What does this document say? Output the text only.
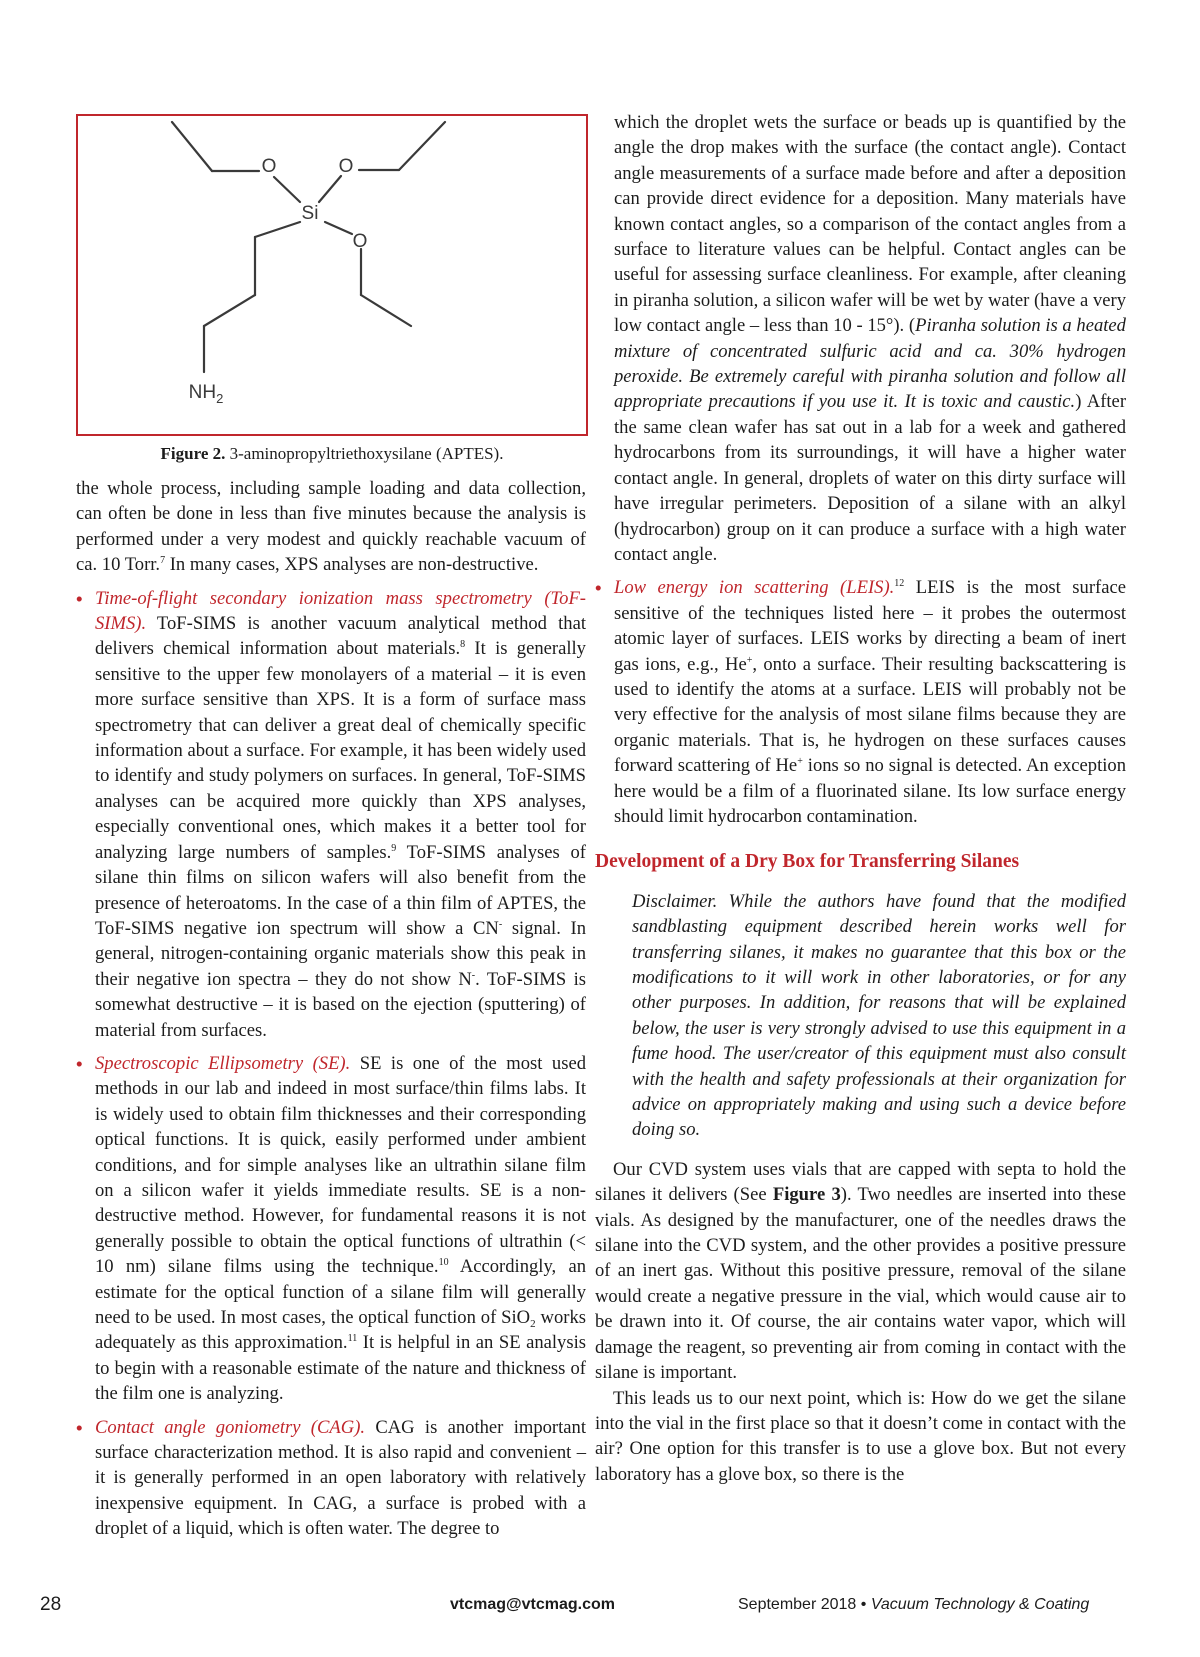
O	O
Si
O
$NH_2$
Figure 2. 3-aminopropyltriethoxysilane (APTES).

the whole process, including sample loading and data collection, can often be done in less than five minutes because the analysis is performed under a very modest and quickly reachable vacuum of ca. 10 Torr.$^7$ In many cases, XPS analyses are non-destructive.

• Time-of-flight secondary ionization mass spectrometry (ToF-SIMS). ToF-SIMS is another vacuum analytical method that delivers chemical information about materials.$^8$ It is generally sensitive to the upper few monolayers of a material – it is even more surface sensitive than XPS. It is a form of surface mass spectrometry that can deliver a great deal of chemically specific information about a surface. For example, it has been widely used to identify and study polymers on surfaces. In general, ToF-SIMS analyses can be acquired more quickly than XPS analyses, especially conventional ones, which makes it a better tool for analyzing large numbers of samples.$^9$ ToF-SIMS analyses of silane thin films on silicon wafers will also benefit from the presence of heteroatoms. In the case of a thin film of APTES, the ToF-SIMS negative ion spectrum will show a CN- signal. In general, nitrogen-containing organic materials show this peak in their negative ion spectra – they do not show N-. ToF-SIMS is somewhat destructive – it is based on the ejection (sputtering) of material from surfaces.
• Spectroscopic Ellipsometry (SE). SE is one of the most used methods in our lab and indeed in most surface/thin films labs. It is widely used to obtain film thicknesses and their corresponding optical functions. It is quick, easily performed under ambient conditions, and for simple analyses like an ultrathin silane film on a silicon wafer it yields immediate results. SE is a non-destructive method. However, for fundamental reasons it is not generally possible to obtain the optical functions of ultrathin (< 10 nm) silane films using the technique.$^{10}$ Accordingly, an estimate for the optical function of a silane film will generally need to be used. In most cases, the optical function of SiO$_2$ works adequately as this approximation.$^{11}$ It is helpful in an SE analysis to begin with a reasonable estimate of the nature and thickness of the film one is analyzing.
• Contact angle goniometry (CAG). CAG is another important surface characterization method. It is also rapid and convenient – it is generally performed in an open laboratory with relatively inexpensive equipment. In CAG, a surface is probed with a droplet of a liquid, which is often water. The degree to

which the droplet wets the surface or beads up is quantified by the angle the drop makes with the surface (the contact angle). Contact angle measurements of a surface made before and after a deposition can provide direct evidence for a deposition. Many materials have known contact angles, so a comparison of the contact angles from a surface to literature values can be helpful. Contact angles can be useful for assessing surface cleanliness. For example, after cleaning in piranha solution, a silicon wafer will be wet by water (have a very low contact angle – less than 10 - 15°). (Piranha solution is a heated mixture of concentrated sulfuric acid and ca. 30% hydrogen peroxide. Be extremely careful with piranha solution and follow all appropriate precautions if you use it. It is toxic and caustic.) After the same clean wafer has sat out in a lab for a week and gathered hydrocarbons from its surroundings, it will have a higher water contact angle. In general, droplets of water on this dirty surface will have irregular perimeters. Deposition of a silane with an alkyl (hydrocarbon) group on it can produce a surface with a high water contact angle.

• Low energy ion scattering (LEIS).$^{12}$ LEIS is the most surface sensitive of the techniques listed here – it probes the outermost atomic layer of surfaces. LEIS works by directing a beam of inert gas ions, e.g., He+, onto a surface. Their resulting backscattering is used to identify the atoms at a surface. LEIS will probably not be very effective for the analysis of most silane films because they are organic materials. That is, he hydrogen on these surfaces causes forward scattering of He+ ions so no signal is detected. An exception here would be a film of a fluorinated silane. Its low surface energy should limit hydrocarbon contamination.
Development of a Dry Box for Transferring Silanes

Disclaimer. While the authors have found that the modified sandblasting equipment described herein works well for transferring silanes, it makes no guarantee that this box or the modifications to it will work in other laboratories, or for any other purposes. In addition, for reasons that will be explained below, the user is very strongly advised to use this equipment in a fume hood. The user/creator of this equipment must also consult with the health and safety professionals at their organization for advice on appropriately making and using such a device before doing so.

Our CVD system uses vials that are capped with septa to hold the silanes it delivers (See Figure 3). Two needles are inserted into these vials. As designed by the manufacturer, one of the needles draws the silane into the CVD system, and the other provides a positive pressure of an inert gas. Without this positive pressure, removal of the silane would create a negative pressure in the vial, which would cause air to be drawn into it. Of course, the air contains water vapor, which will damage the reagent, so preventing air from coming in contact with the silane is important.

This leads us to our next point, which is: How do we get the silane into the vial in the first place so that it doesn’t come in contact with the air? One option for this transfer is to use a glove box. But not every laboratory has a glove box, so there is the

28	vtcmag@vtcmag.com	September 2018 • Vacuum Technology & Coating
